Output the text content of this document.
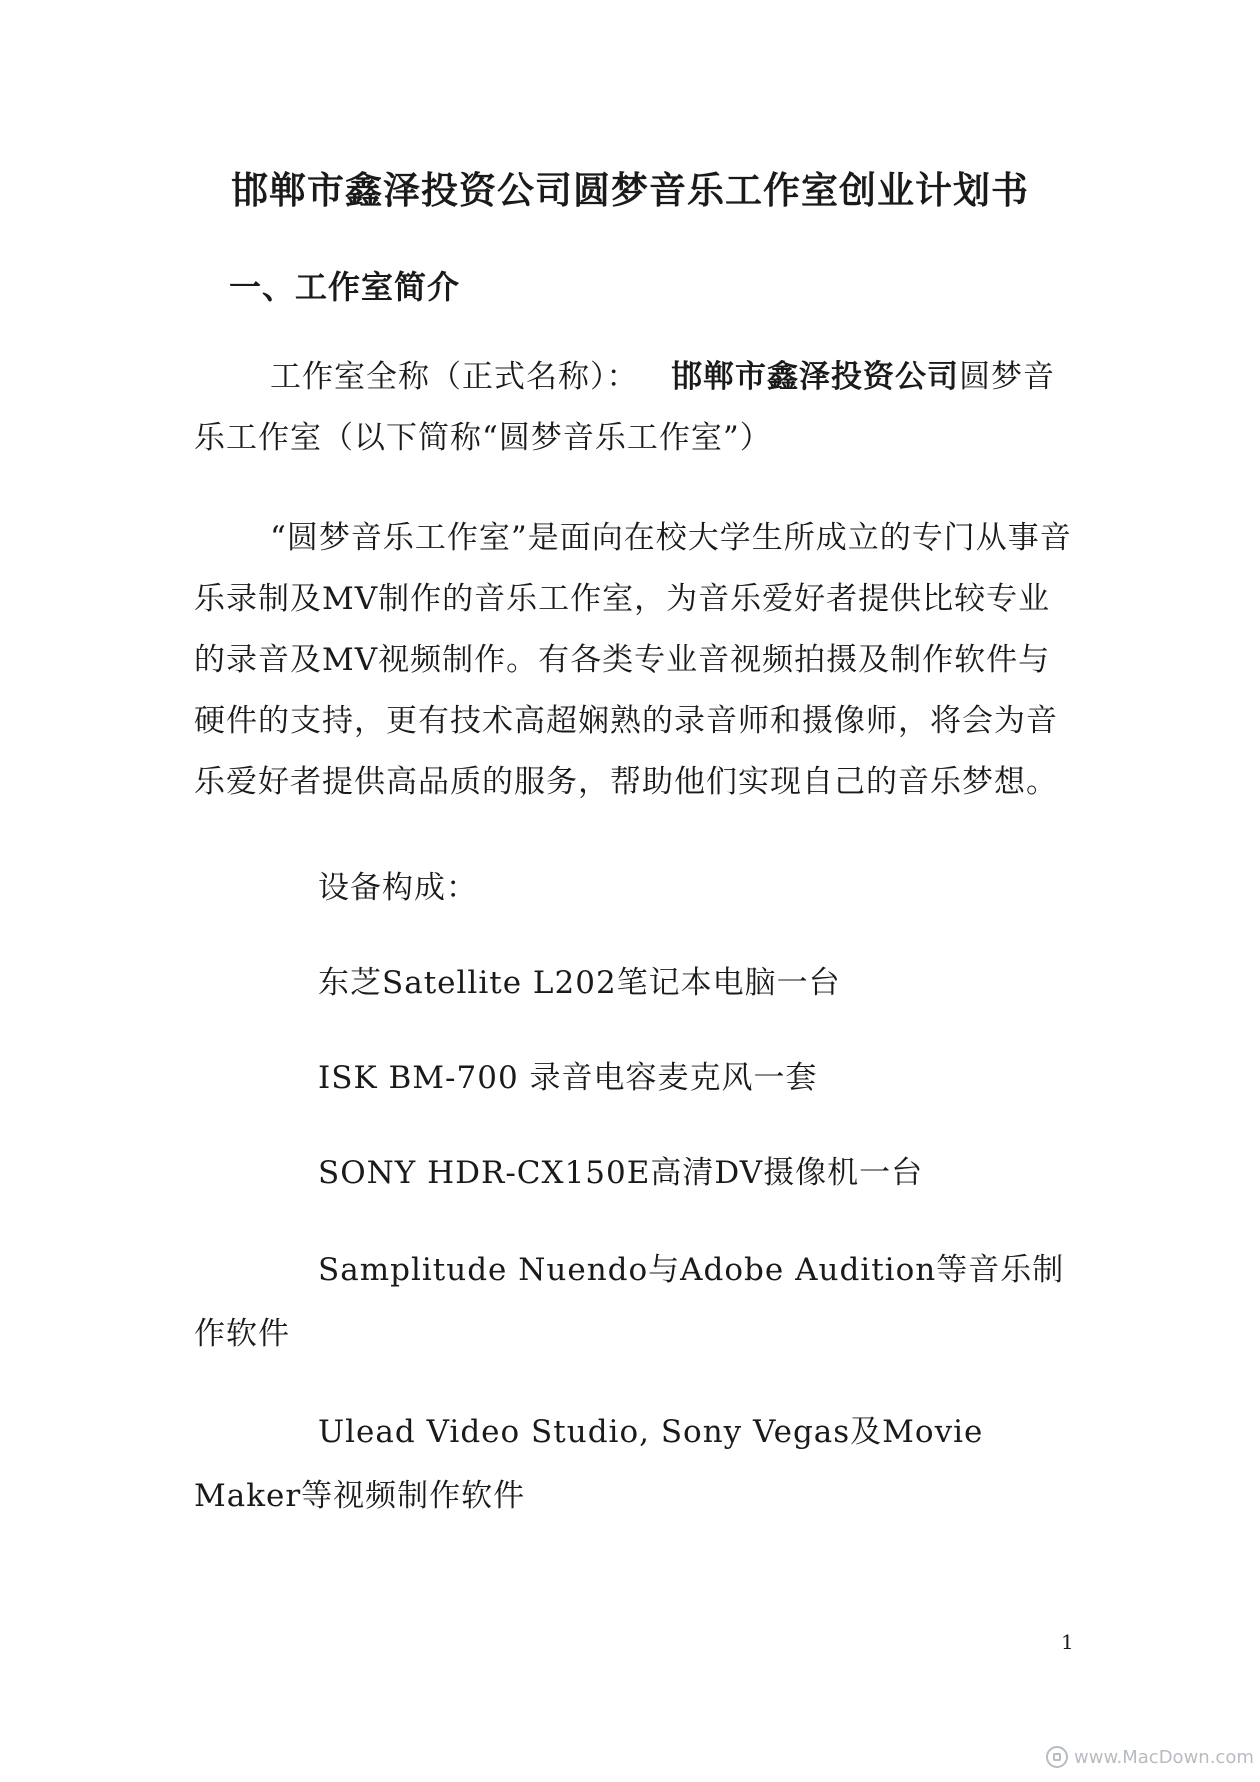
邯郸市鑫泽投资公司圆梦音乐工作室创业计划书
一、工作室简介

工作室全称（正式名称）： 邯郸市鑫泽投资公司圆梦音乐工作室（以下简称“圆梦音乐工作室”）

“圆梦音乐工作室”是面向在校大学生所成立的专门从事音乐录制及MV制作的音乐工作室，为音乐爱好者提供比较专业的录音及MV视频制作。有各类专业音视频拍摄及制作软件与硬件的支持，更有技术高超娴熟的录音师和摄像师，将会为音乐爱好者提供高品质的服务，帮助他们实现自己的音乐梦想。

设备构成：

东芝Satellite L202笔记本电脑一台

ISK BM-700 录音电容麦克风一套

SONY HDR-CX150E高清DV摄像机一台

Samplitude Nuendo与Adobe Audition等音乐制作软件

Ulead Video Studio, Sony Vegas及Movie Maker等视频制作软件

1

www.MacDown.com
